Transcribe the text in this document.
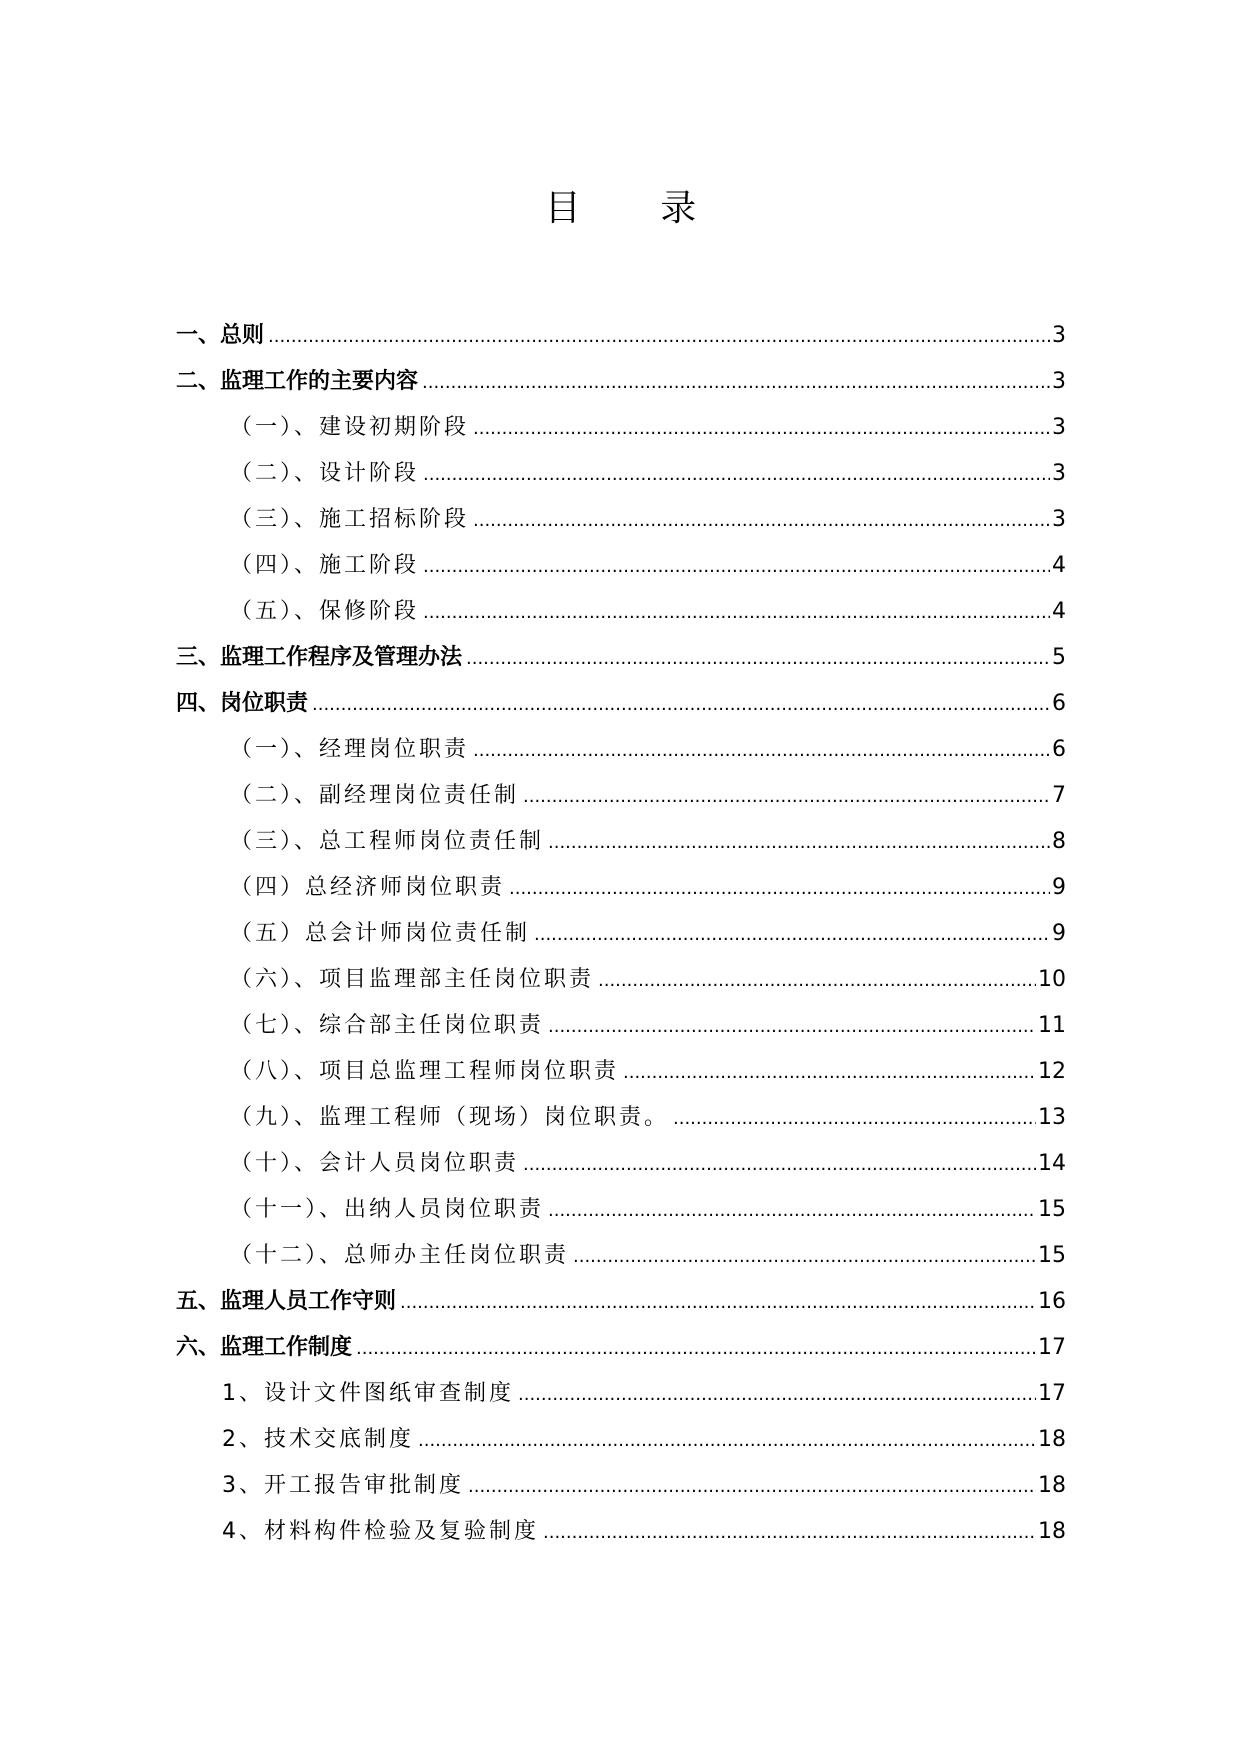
目 录
一、总则 .....	3
二、监理工作的主要内容 .....	3
（一）、建设初期阶段 .....	3
（二）、设计阶段 .....	3
（三）、施工招标阶段 .....	3
（四）、施工阶段 .....	4
（五）、保修阶段 .....	4
三、监理工作程序及管理办法 .....	5
四、岗位职责 .....	6
（一）、经理岗位职责 .....	6
（二）、副经理岗位责任制 .....	7
（三）、总工程师岗位责任制 .....	8
（四）总经济师岗位职责 .....	9
（五）总会计师岗位责任制 .....	9
（六）、项目监理部主任岗位职责 .....	10
（七）、综合部主任岗位职责 .....	11
（八）、项目总监理工程师岗位职责 .....	12
（九）、监理工程师（现场）岗位职责。 .....	13
（十）、会计人员岗位职责 .....	14
（十一）、出纳人员岗位职责 .....	15
（十二）、总师办主任岗位职责 .....	15
五、监理人员工作守则 .....	16
六、监理工作制度 .....	17
1、设计文件图纸审查制度 .....	17
2、技术交底制度 .....	18
3、开工报告审批制度 .....	18
4、材料构件检验及复验制度 .....	18
